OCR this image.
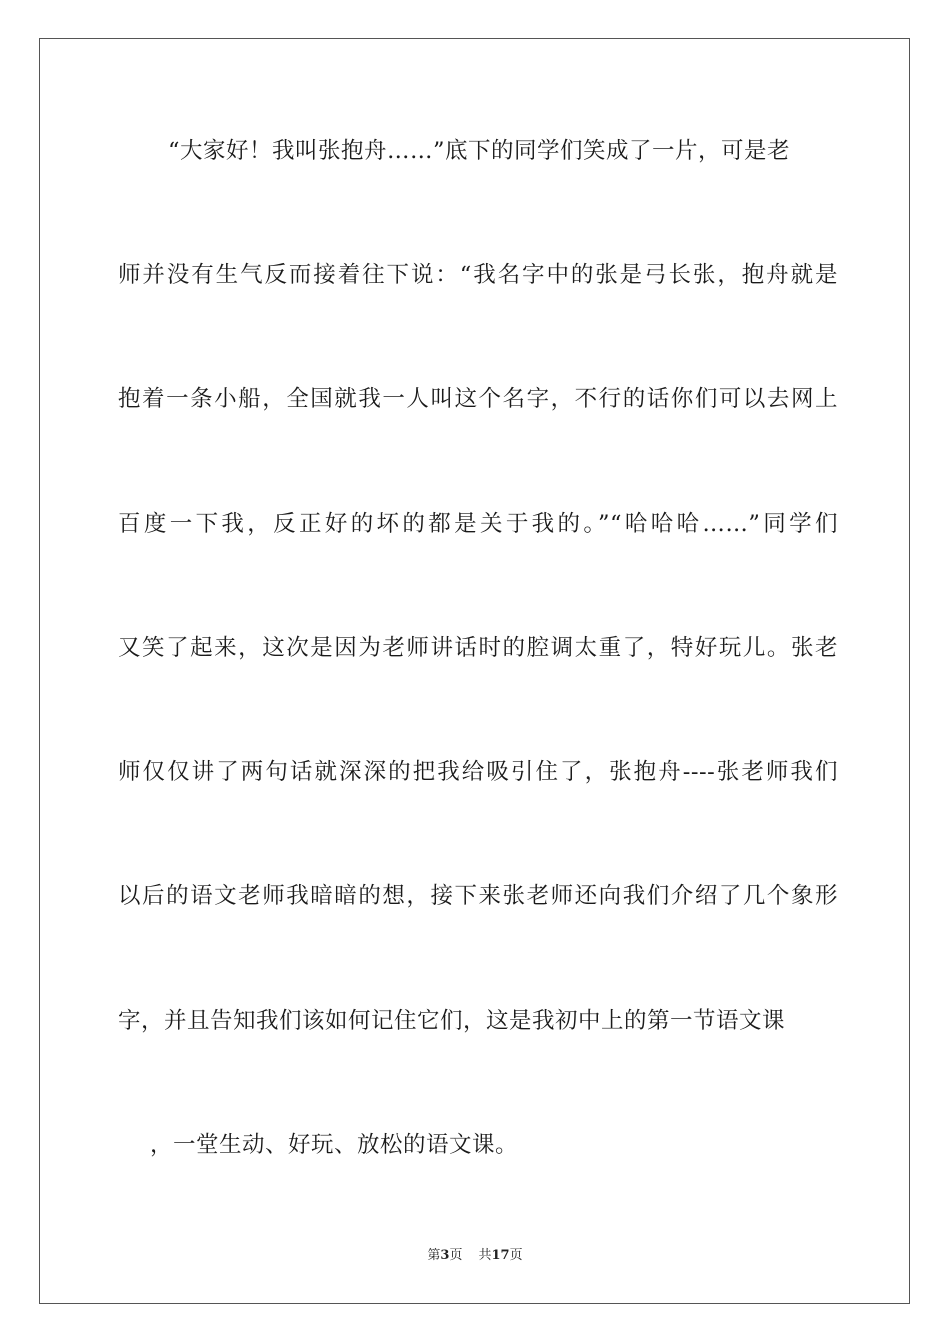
“大家好！我叫张抱舟……”底下的同学们笑成了一片，可是老
师并没有生气反而接着往下说：“我名字中的张是弓长张，抱舟就是
抱着一条小船，全国就我一人叫这个名字，不行的话你们可以去网上
百度一下我，反正好的坏的都是关于我的。”“哈哈哈……”同学们
又笑了起来，这次是因为老师讲话时的腔调太重了，特好玩儿。张老
师仅仅讲了两句话就深深的把我给吸引住了，张抱舟----张老师我们
以后的语文老师我暗暗的想，接下来张老师还向我们介绍了几个象形
字，并且告知我们该如何记住它们，这是我初中上的第一节语文课
，一堂生动、好玩、放松的语文课。
第3页 共17页
